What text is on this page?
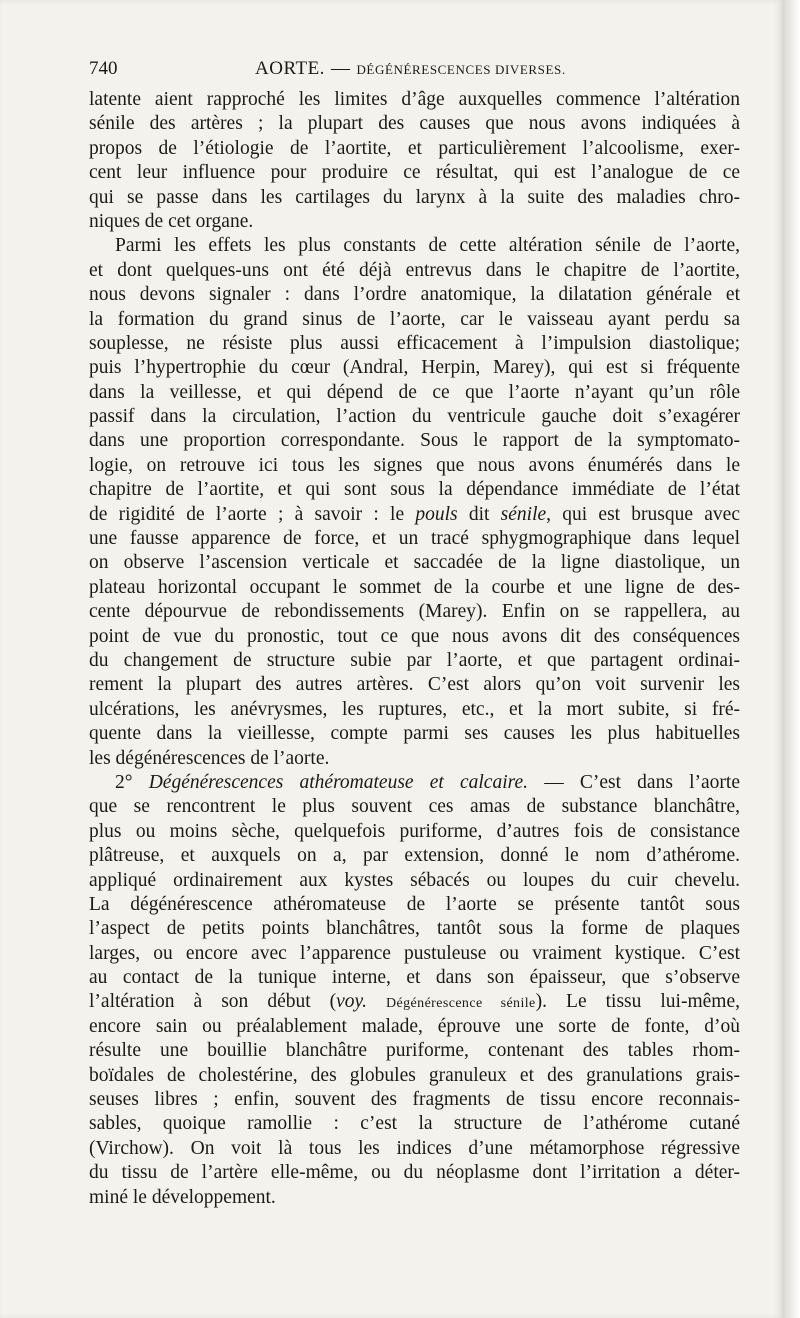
740	AORTE. — DÉGÉNÉRESCENCES DIVERSES.
latente aient rapproché les limites d’âge auxquelles commence l’altération
sénile des artères ; la plupart des causes que nous avons indiquées à
propos de l’étiologie de l’aortite, et particulièrement l’alcoolisme, exer-
cent leur influence pour produire ce résultat, qui est l’analogue de ce
qui se passe dans les cartilages du larynx à la suite des maladies chro-
niques de cet organe.
Parmi les effets les plus constants de cette altération sénile de l’aorte,
et dont quelques-uns ont été déjà entrevus dans le chapitre de l’aortite,
nous devons signaler : dans l’ordre anatomique, la dilatation générale et
la formation du grand sinus de l’aorte, car le vaisseau ayant perdu sa
souplesse, ne résiste plus aussi efficacement à l’impulsion diastolique;
puis l’hypertrophie du cœur (Andral, Herpin, Marey), qui est si fréquente
dans la veillesse, et qui dépend de ce que l’aorte n’ayant qu’un rôle
passif dans la circulation, l’action du ventricule gauche doit s’exagérer
dans une proportion correspondante. Sous le rapport de la symptomato-
logie, on retrouve ici tous les signes que nous avons énumérés dans le
chapitre de l’aortite, et qui sont sous la dépendance immédiate de l’état
de rigidité de l’aorte ; à savoir : le pouls dit sénile, qui est brusque avec
une fausse apparence de force, et un tracé sphygmographique dans lequel
on observe l’ascension verticale et saccadée de la ligne diastolique, un
plateau horizontal occupant le sommet de la courbe et une ligne de des-
cente dépourvue de rebondissements (Marey). Enfin on se rappellera, au
point de vue du pronostic, tout ce que nous avons dit des conséquences
du changement de structure subie par l’aorte, et que partagent ordinai-
rement la plupart des autres artères. C’est alors qu’on voit survenir les
ulcérations, les anévrysmes, les ruptures, etc., et la mort subite, si fré-
quente dans la vieillesse, compte parmi ses causes les plus habituelles
les dégénérescences de l’aorte.
2° Dégénérescences athéromateuse et calcaire. — C’est dans l’aorte
que se rencontrent le plus souvent ces amas de substance blanchâtre,
plus ou moins sèche, quelquefois puriforme, d’autres fois de consistance
plâtreuse, et auxquels on a, par extension, donné le nom d’athérome.
appliqué ordinairement aux kystes sébacés ou loupes du cuir chevelu.
La dégénérescence athéromateuse de l’aorte se présente tantôt sous
l’aspect de petits points blanchâtres, tantôt sous la forme de plaques
larges, ou encore avec l’apparence pustuleuse ou vraiment kystique. C’est
au contact de la tunique interne, et dans son épaisseur, que s’observe
l’altération à son début (voy. Dégénérescence sénile). Le tissu lui-même,
encore sain ou préalablement malade, éprouve une sorte de fonte, d’où
résulte une bouillie blanchâtre puriforme, contenant des tables rhom-
boïdales de cholestérine, des globules granuleux et des granulations grais-
seuses libres ; enfin, souvent des fragments de tissu encore reconnais-
sables, quoique ramollie : c’est la structure de l’athérome cutané
(Virchow). On voit là tous les indices d’une métamorphose régressive
du tissu de l’artère elle-même, ou du néoplasme dont l’irritation a déter-
miné le développement.
